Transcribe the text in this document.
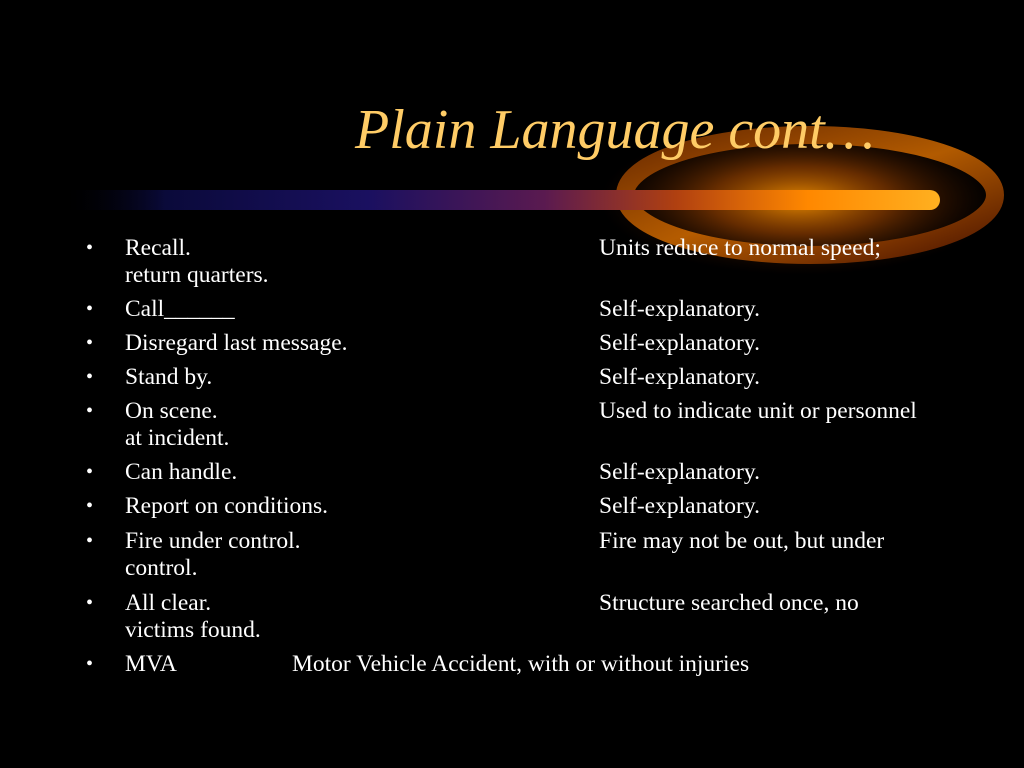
Plain Language cont…
• Recall.	Units reduce to normal speed;
return quarters.
• Call______	Self-explanatory.
• Disregard last message.	Self-explanatory.
• Stand by.	Self-explanatory.
• On scene.	Used to indicate unit or personnel
at incident.
• Can handle.	Self-explanatory.
• Report on conditions.	Self-explanatory.
• Fire under control.	Fire may not be out, but under
control.
• All clear.	Structure searched once, no
victims found.
• MVA	Motor Vehicle Accident, with or without injuries
